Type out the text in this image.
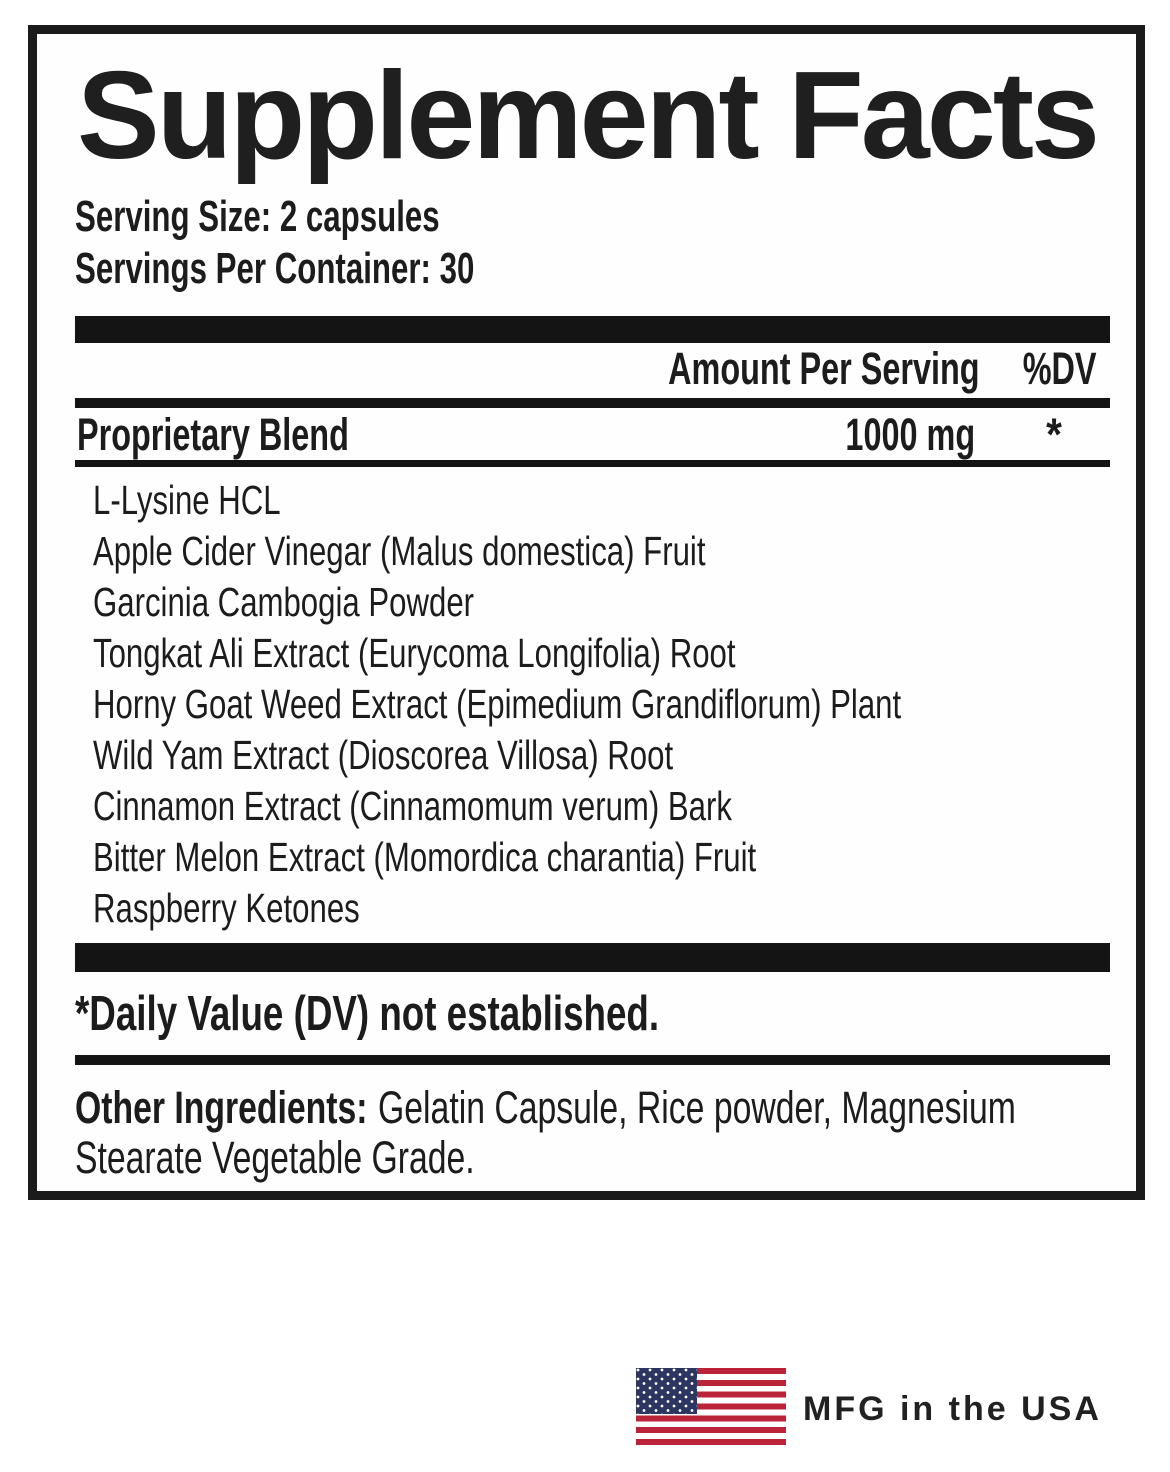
Supplement Facts
Serving Size: 2 capsules
Servings Per Container: 30
Amount Per Serving %DV
Proprietary Blend	1000 mg	*
L-Lysine HCL
Apple Cider Vinegar (Malus domestica) Fruit
Garcinia Cambogia Powder
Tongkat Ali Extract (Eurycoma Longifolia) Root
Horny Goat Weed Extract (Epimedium Grandiflorum) Plant
Wild Yam Extract (Dioscorea Villosa) Root
Cinnamon Extract (Cinnamomum verum) Bark
Bitter Melon Extract (Momordica charantia) Fruit
Raspberry Ketones
*Daily Value (DV) not established.
Other Ingredients: Gelatin Capsule, Rice powder, Magnesium
Stearate Vegetable Grade.
MFG in the USA
